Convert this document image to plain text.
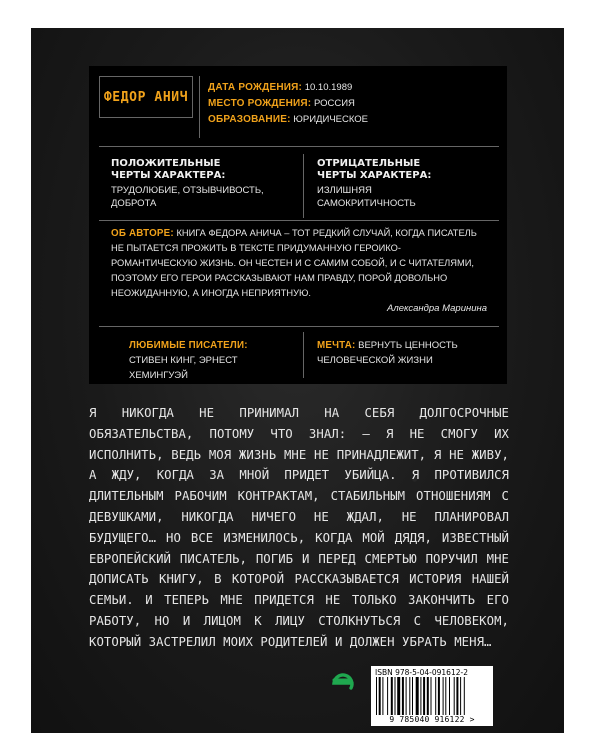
ФЕДОР АНИЧ
ДАТА РОЖДЕНИЯ: 10.10.1989
МЕСТО РОЖДЕНИЯ: РОССИЯ
ОБРАЗОВАНИЕ: ЮРИДИЧЕСКОЕ
ПОЛОЖИТЕЛЬНЫЕ
ЧЕРТЫ ХАРАКТЕРА:
ТРУДОЛЮБИЕ, ОТЗЫВЧИВОСТЬ,
ДОБРОТА
ОТРИЦАТЕЛЬНЫЕ
ЧЕРТЫ ХАРАКТЕРА:
ИЗЛИШНЯЯ
САМОКРИТИЧНОСТЬ
ОБ АВТОРЕ: КНИГА ФЕДОРА АНИЧА – ТОТ РЕДКИЙ СЛУЧАЙ, КОГДА ПИСАТЕЛЬ НЕ ПЫТАЕТСЯ ПРОЖИТЬ В ТЕКСТЕ ПРИДУМАННУЮ ГЕРОИКО-РОМАНТИЧЕСКУЮ ЖИЗНЬ. ОН ЧЕСТЕН И С САМИМ СОБОЙ, И С ЧИТАТЕЛЯМИ, ПОЭТОМУ ЕГО ГЕРОИ РАССКАЗЫВАЮТ НАМ ПРАВДУ, ПОРОЙ ДОВОЛЬНО НЕОЖИДАННУЮ, А ИНОГДА НЕПРИЯТНУЮ.
Александра Маринина
ЛЮБИМЫЕ ПИСАТЕЛИ:
СТИВЕН КИНГ, ЭРНЕСТ
ХЕМИНГУЭЙ
МЕЧТА: ВЕРНУТЬ ЦЕННОСТЬ
ЧЕЛОВЕЧЕСКОЙ ЖИЗНИ
Я НИКОГДА НЕ ПРИНИМАЛ НА СЕБЯ ДОЛГОСРОЧНЫЕ ОБЯЗАТЕЛЬСТВА, ПОТОМУ ЧТО ЗНАЛ: — Я НЕ СМОГУ ИХ ИСПОЛНИТЬ, ВЕДЬ МОЯ ЖИЗНЬ МНЕ НЕ ПРИНАДЛЕЖИТ, Я НЕ ЖИВУ, А ЖДУ, КОГДА ЗА МНОЙ ПРИДЕТ УБИЙЦА. Я ПРОТИВИЛСЯ ДЛИТЕЛЬНЫМ РАБОЧИМ КОНТРАКТАМ, СТАБИЛЬНЫМ ОТНОШЕНИЯМ С ДЕВУШКАМИ, НИКОГДА НИЧЕГО НЕ ЖДАЛ, НЕ ПЛАНИРОВАЛ БУДУЩЕГО… НО ВСЕ ИЗМЕНИЛОСЬ, КОГДА МОЙ ДЯДЯ, ИЗВЕСТНЫЙ ЕВРОПЕЙСКИЙ ПИСАТЕЛЬ, ПОГИБ И ПЕРЕД СМЕРТЬЮ ПОРУЧИЛ МНЕ ДОПИСАТЬ КНИГУ, В КОТОРОЙ РАССКАЗЫВАЕТСЯ ИСТОРИЯ НАШЕЙ СЕМЬИ. И ТЕПЕРЬ МНЕ ПРИДЕТСЯ НЕ ТОЛЬКО ЗАКОНЧИТЬ ЕГО РАБОТУ, НО И ЛИЦОМ К ЛИЦУ СТОЛКНУТЬСЯ С ЧЕЛОВЕКОМ, КОТОРЫЙ ЗАСТРЕЛИЛ МОИХ РОДИТЕЛЕЙ И ДОЛЖЕН УБРАТЬ МЕНЯ…
ISBN 978-5-04-091612-2
9 785040 916122 >
